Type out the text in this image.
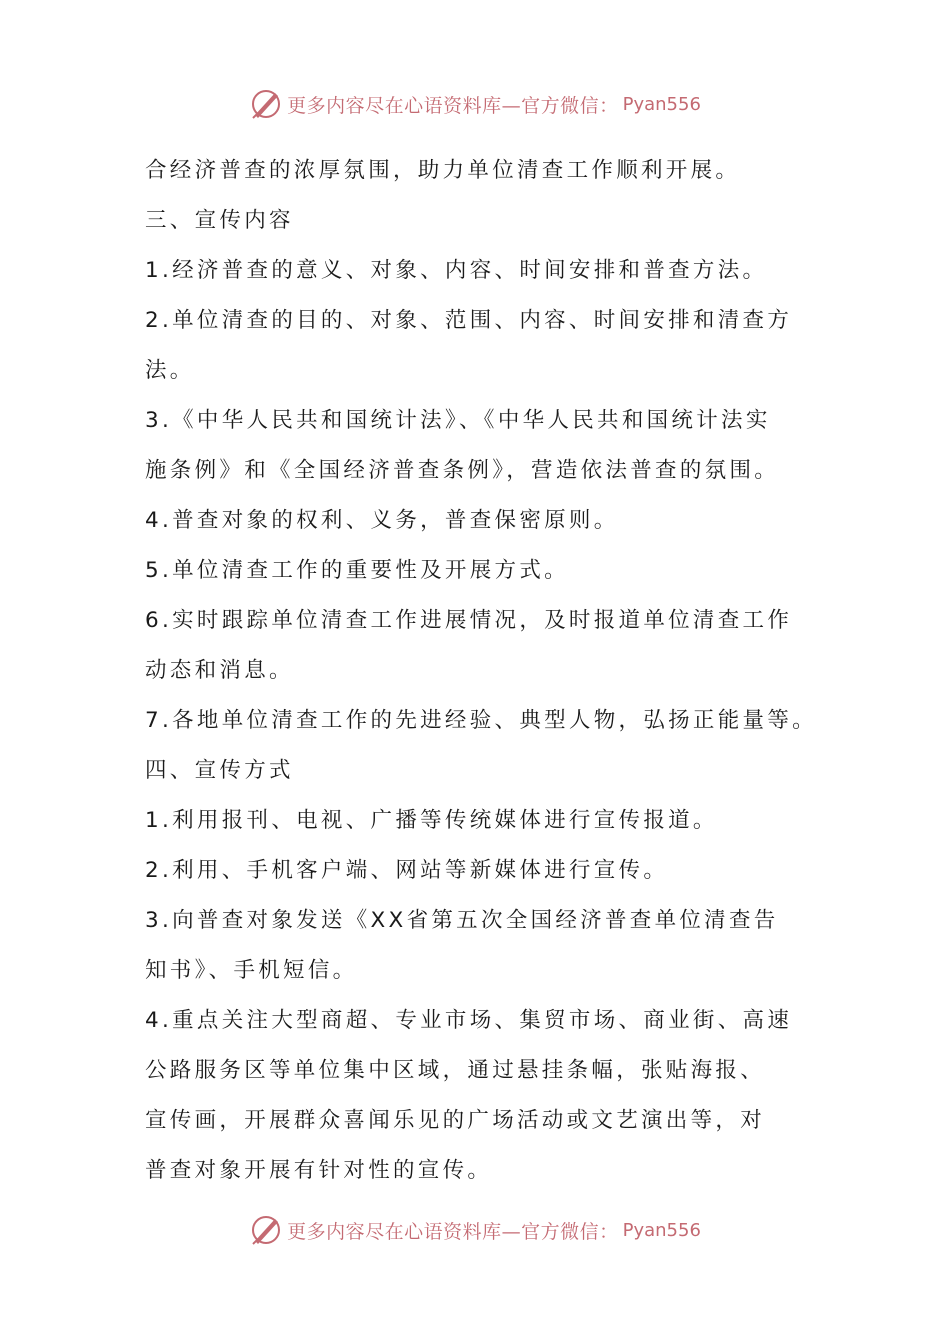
更多内容尽在心语资料库—官方微信： Pyan556
合经济普查的浓厚氛围，助力单位清查工作顺利开展。
三、宣传内容
1.经济普查的意义、对象、内容、时间安排和普查方法。
2.单位清查的目的、对象、范围、内容、时间安排和清查方
法。
3.《中华人民共和国统计法》、《中华人民共和国统计法实
施条例》和《全国经济普查条例》，营造依法普查的氛围。
4.普查对象的权利、义务，普查保密原则。
5.单位清查工作的重要性及开展方式。
6.实时跟踪单位清查工作进展情况，及时报道单位清查工作
动态和消息。
7.各地单位清查工作的先进经验、典型人物，弘扬正能量等。
四、宣传方式
1.利用报刊、电视、广播等传统媒体进行宣传报道。
2.利用、手机客户端、网站等新媒体进行宣传。
3.向普查对象发送《XX省第五次全国经济普查单位清查告
知书》、手机短信。
4.重点关注大型商超、专业市场、集贸市场、商业街、高速
公路服务区等单位集中区域，通过悬挂条幅，张贴海报、
宣传画，开展群众喜闻乐见的广场活动或文艺演出等，对
普查对象开展有针对性的宣传。
更多内容尽在心语资料库—官方微信： Pyan556
